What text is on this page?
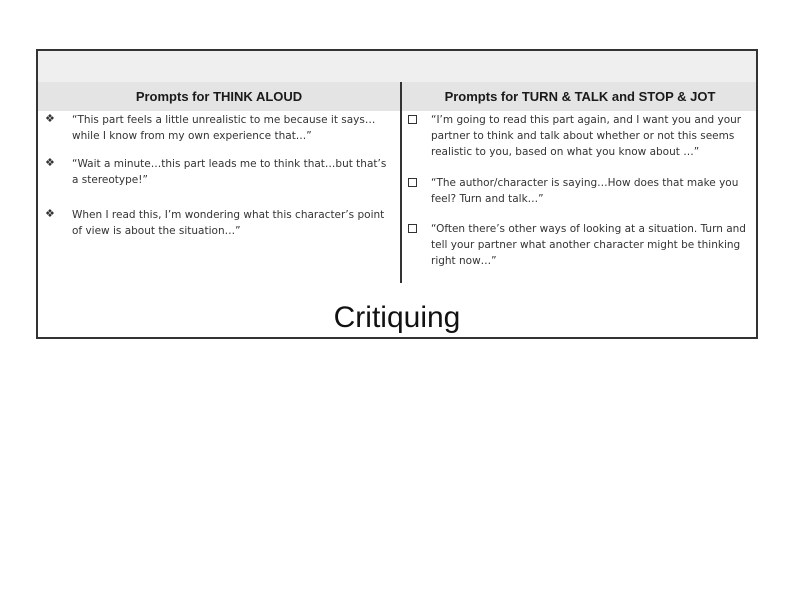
Prompts for THINK ALOUD	Prompts for TURN & TALK and STOP & JOT
❖ “This part feels a little unrealistic to me because it says…while I know from my own experience that…”
❖ “Wait a minute…this part leads me to think that…but that’s a stereotype!”
❖ When I read this, I’m wondering what this character’s point of view is about the situation…”
“I’m going to read this part again, and I want you and your partner to think and talk about whether or not this seems realistic to you, based on what you know about …”
“The author/character is saying…How does that make you feel? Turn and talk…”
“Often there’s other ways of looking at a situation. Turn and tell your partner what another character might be thinking right now…”
Critiquing
